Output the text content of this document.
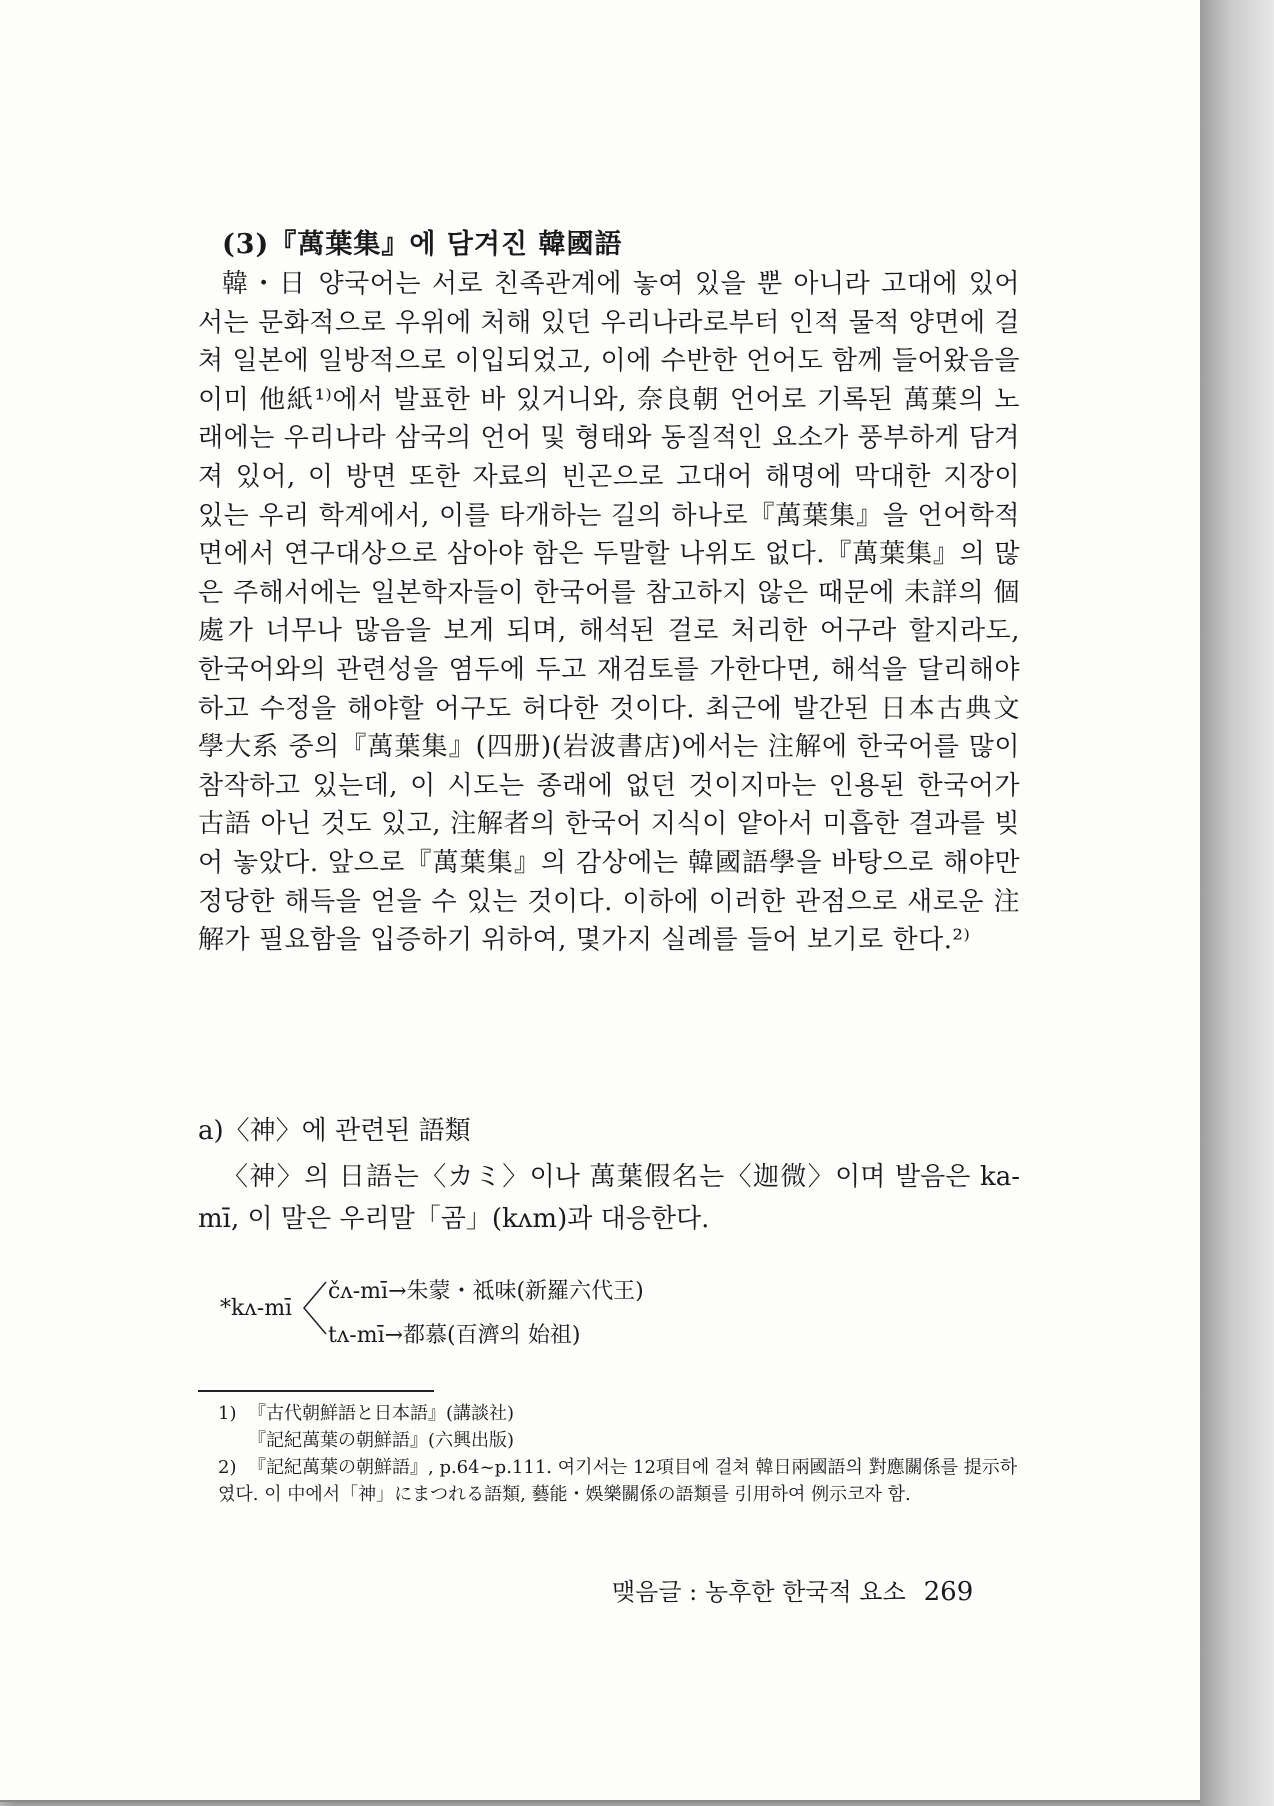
(3)『萬葉集』에 담겨진 韓國語

韓・日 양국어는 서로 친족관계에 놓여 있을 뿐 아니라 고대에 있어서는 문화적으로 우위에 처해 있던 우리나라로부터 인적 물적 양면에 걸쳐 일본에 일방적으로 이입되었고, 이에 수반한 언어도 함께 들어왔음을 이미 他紙¹⁾에서 발표한 바 있거니와, 奈良朝 언어로 기록된 萬葉의 노래에는 우리나라 삼국의 언어 및 형태와 동질적인 요소가 풍부하게 담겨져 있어, 이 방면 또한 자료의 빈곤으로 고대어 해명에 막대한 지장이 있는 우리 학계에서, 이를 타개하는 길의 하나로『萬葉集』을 언어학적 면에서 연구대상으로 삼아야 함은 두말할 나위도 없다.『萬葉集』의 많은 주해서에는 일본학자들이 한국어를 참고하지 않은 때문에 未詳의 個處가 너무나 많음을 보게 되며, 해석된 걸로 처리한 어구라 할지라도, 한국어와의 관련성을 염두에 두고 재검토를 가한다면, 해석을 달리해야 하고 수정을 해야할 어구도 허다한 것이다. 최근에 발간된 日本古典文學大系 중의『萬葉集』(四册)(岩波書店)에서는 注解에 한국어를 많이 참작하고 있는데, 이 시도는 종래에 없던 것이지마는 인용된 한국어가 古語 아닌 것도 있고, 注解者의 한국어 지식이 얕아서 미흡한 결과를 빚어 놓았다. 앞으로『萬葉集』의 감상에는 韓國語學을 바탕으로 해야만 정당한 해득을 얻을 수 있는 것이다. 이하에 이러한 관점으로 새로운 注解가 필요함을 입증하기 위하여, 몇가지 실례를 들어 보기로 한다.²⁾

a)〈神〉에 관련된 語類

〈神〉의 日語는〈カミ〉이나 萬葉假名는〈迦微〉이며 발음은 ka-mī, 이 말은 우리말「곰」(kʌm)과 대응한다.

*kʌ-mī
čʌ-mī→朱蒙・祗味(新羅六代王)
tʌ-mī→都慕(百濟의 始祖)
1) 『古代朝鮮語と日本語』(講談社)
『記紀萬葉の朝鮮語』(六興出版)
2) 『記紀萬葉の朝鮮語』, p.64~p.111. 여기서는 12項目에 걸쳐 韓日兩國語의 對應關係를 提示하였다. 이 中에서「神」にまつれる語類, 藝能・娛樂關係の語類를 引用하여 例示코자 함.
맺음글 : 농후한 한국적 요소 269
